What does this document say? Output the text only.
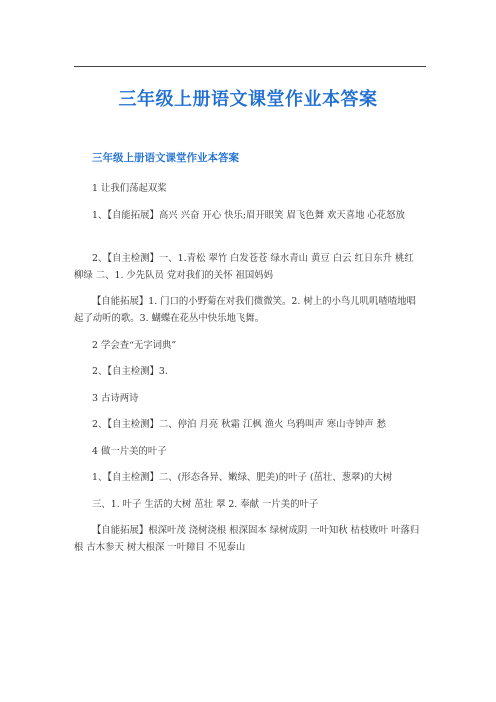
三年级上册语文课堂作业本答案
三年级上册语文课堂作业本答案
1 让我们荡起双桨
1、【自能拓展】高兴 兴奋 开心 快乐;眉开眼笑 眉飞色舞 欢天喜地 心花怒放
2、【自主检测】一、1.青松 翠竹 白发苍苍 绿水青山 黄豆 白云 红日东升 桃红柳绿 二、1. 少先队员 党对我们的关怀 祖国妈妈
【自能拓展】1. 门口的小野菊在对我们微微笑。2. 树上的小鸟儿叽叽喳喳地唱起了动听的歌。3. 蝴蝶在花丛中快乐地飞舞。
2 学会查“无字词典”
2、【自主检测】3.
3 古诗两诗
2、【自主检测】二、停泊 月亮 秋霜 江枫 渔火 乌鸦叫声 寒山寺钟声 愁
4 做一片美的叶子
1、【自主检测】二、(形态各异、嫩绿、肥美)的叶子 (茁壮、葱翠)的大树
三、1. 叶子 生活的大树 茁壮 翠 2. 奉献 一片美的叶子
【自能拓展】根深叶茂 浇树浇根 根深固本 绿树成阴 一叶知秋 枯枝败叶 叶落归根 古木参天 树大根深 一叶障目 不见泰山
